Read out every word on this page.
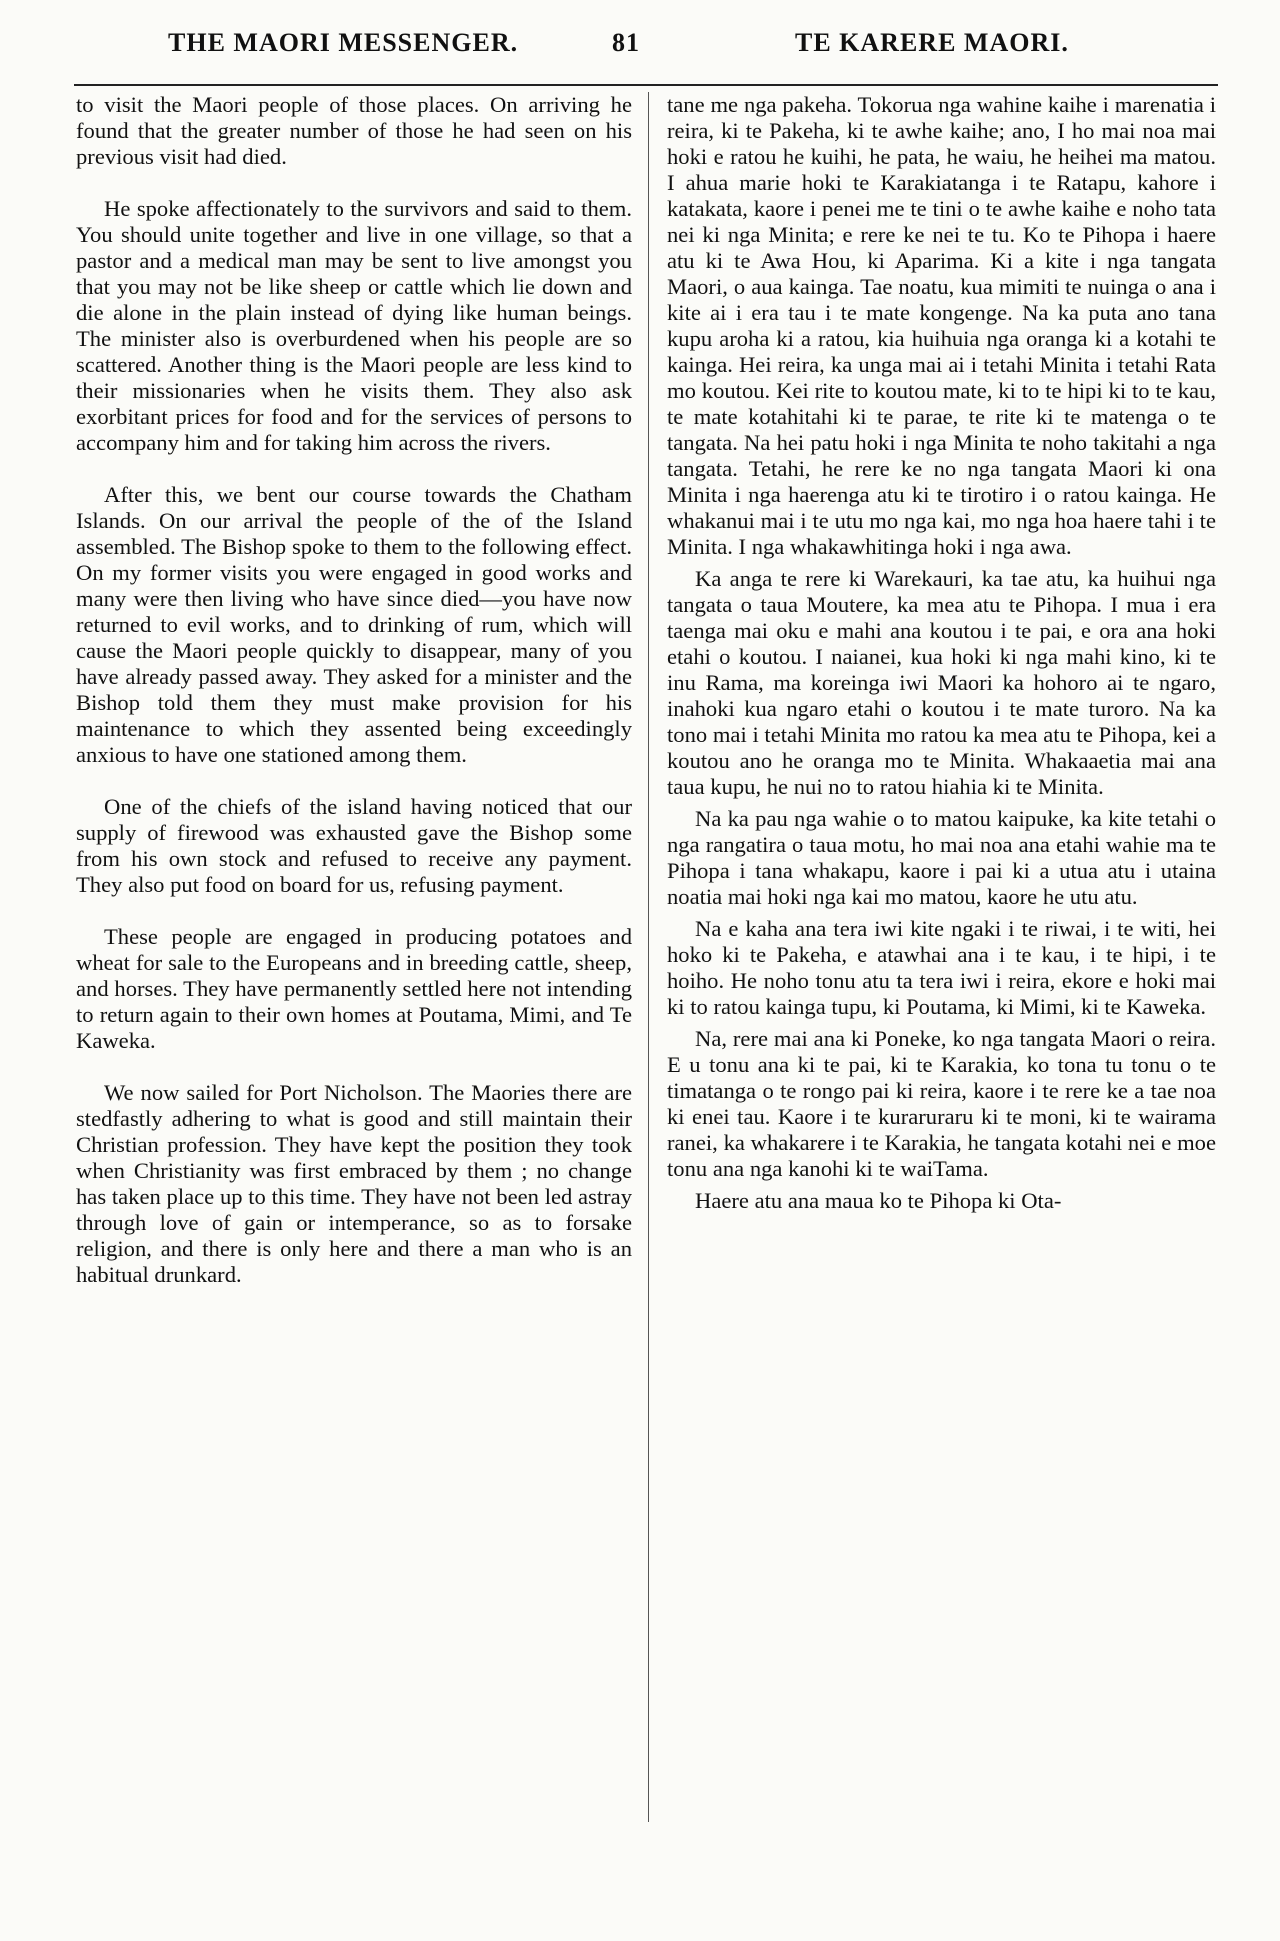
THE MAORI MESSENGER.	81	TE KARERE MAORI.

to visit the Maori people of those places. On arriving he found that the greater number of those he had seen on his previous visit had died.

He spoke affectionately to the survivors and said to them. You should unite together and live in one village, so that a pastor and a medical man may be sent to live amongst you that you may not be like sheep or cattle which lie down and die alone in the plain instead of dying like human beings. The minister also is overburdened when his people are so scattered. Another thing is the Maori people are less kind to their missionaries when he visits them. They also ask exorbitant prices for food and for the services of persons to accompany him and for taking him across the rivers.

After this, we bent our course towards the Chatham Islands. On our arrival the people of the of the Island assembled. The Bishop spoke to them to the following effect. On my former visits you were engaged in good works and many were then living who have since died—you have now returned to evil works, and to drinking of rum, which will cause the Maori people quickly to disappear, many of you have already passed away. They asked for a minister and the Bishop told them they must make provision for his maintenance to which they assented being exceedingly anxious to have one stationed among them.

One of the chiefs of the island having noticed that our supply of firewood was exhausted gave the Bishop some from his own stock and refused to receive any payment. They also put food on board for us, refusing payment.

These people are engaged in producing potatoes and wheat for sale to the Europeans and in breeding cattle, sheep, and horses. They have permanently settled here not intending to return again to their own homes at Poutama, Mimi, and Te Kaweka.

We now sailed for Port Nicholson. The Maories there are stedfastly adhering to what is good and still maintain their Christian profession. They have kept the position they took when Christianity was first embraced by them ; no change has taken place up to this time. They have not been led astray through love of gain or intemperance, so as to forsake religion, and there is only here and there a man who is an habitual drunkard.

tane me nga pakeha. Tokorua nga wahine kaihe i marenatia i reira, ki te Pakeha, ki te awhe kaihe; ano, I ho mai noa mai hoki e ratou he kuihi, he pata, he waiu, he heihei ma matou. I ahua marie hoki te Karakiatanga i te Ratapu, kahore i katakata, kaore i penei me te tini o te awhe kaihe e noho tata nei ki nga Minita; e rere ke nei te tu. Ko te Pihopa i haere atu ki te Awa Hou, ki Aparima. Ki a kite i nga tangata Maori, o aua kainga. Tae noatu, kua mimiti te nuinga o ana i kite ai i era tau i te mate kongenge. Na ka puta ano tana kupu aroha ki a ratou, kia huihuia nga oranga ki a kotahi te kainga. Hei reira, ka unga mai ai i tetahi Minita i tetahi Rata mo koutou. Kei rite to koutou mate, ki to te hipi ki to te kau, te mate kotahitahi ki te parae, te rite ki te matenga o te tangata. Na hei patu hoki i nga Minita te noho takitahi a nga tangata. Tetahi, he rere ke no nga tangata Maori ki ona Minita i nga haerenga atu ki te tirotiro i o ratou kainga. He whakanui mai i te utu mo nga kai, mo nga hoa haere tahi i te Minita. I nga whakawhitinga hoki i nga awa.

Ka anga te rere ki Warekauri, ka tae atu, ka huihui nga tangata o taua Moutere, ka mea atu te Pihopa. I mua i era taenga mai oku e mahi ana koutou i te pai, e ora ana hoki etahi o koutou. I naianei, kua hoki ki nga mahi kino, ki te inu Rama, ma koreinga iwi Maori ka hohoro ai te ngaro, inahoki kua ngaro etahi o koutou i te mate turoro. Na ka tono mai i tetahi Minita mo ratou ka mea atu te Pihopa, kei a koutou ano he oranga mo te Minita. Whakaaetia mai ana taua kupu, he nui no to ratou hiahia ki te Minita.

Na ka pau nga wahie o to matou kaipuke, ka kite tetahi o nga rangatira o taua motu, ho mai noa ana etahi wahie ma te Pihopa i tana whakapu, kaore i pai ki a utua atu i utaina noatia mai hoki nga kai mo matou, kaore he utu atu.

Na e kaha ana tera iwi kite ngaki i te riwai, i te witi, hei hoko ki te Pakeha, e atawhai ana i te kau, i te hipi, i te hoiho. He noho tonu atu ta tera iwi i reira, ekore e hoki mai ki to ratou kainga tupu, ki Poutama, ki Mimi, ki te Kaweka.

Na, rere mai ana ki Poneke, ko nga tangata Maori o reira. E u tonu ana ki te pai, ki te Karakia, ko tona tu tonu o te timatanga o te rongo pai ki reira, kaore i te rere ke a tae noa ki enei tau. Kaore i te kuraruraru ki te moni, ki te wairama ranei, ka whakarere i te Karakia, he tangata kotahi nei e moe tonu ana nga kanohi ki te waiTama.

Haere atu ana maua ko te Pihopa ki Ota-
